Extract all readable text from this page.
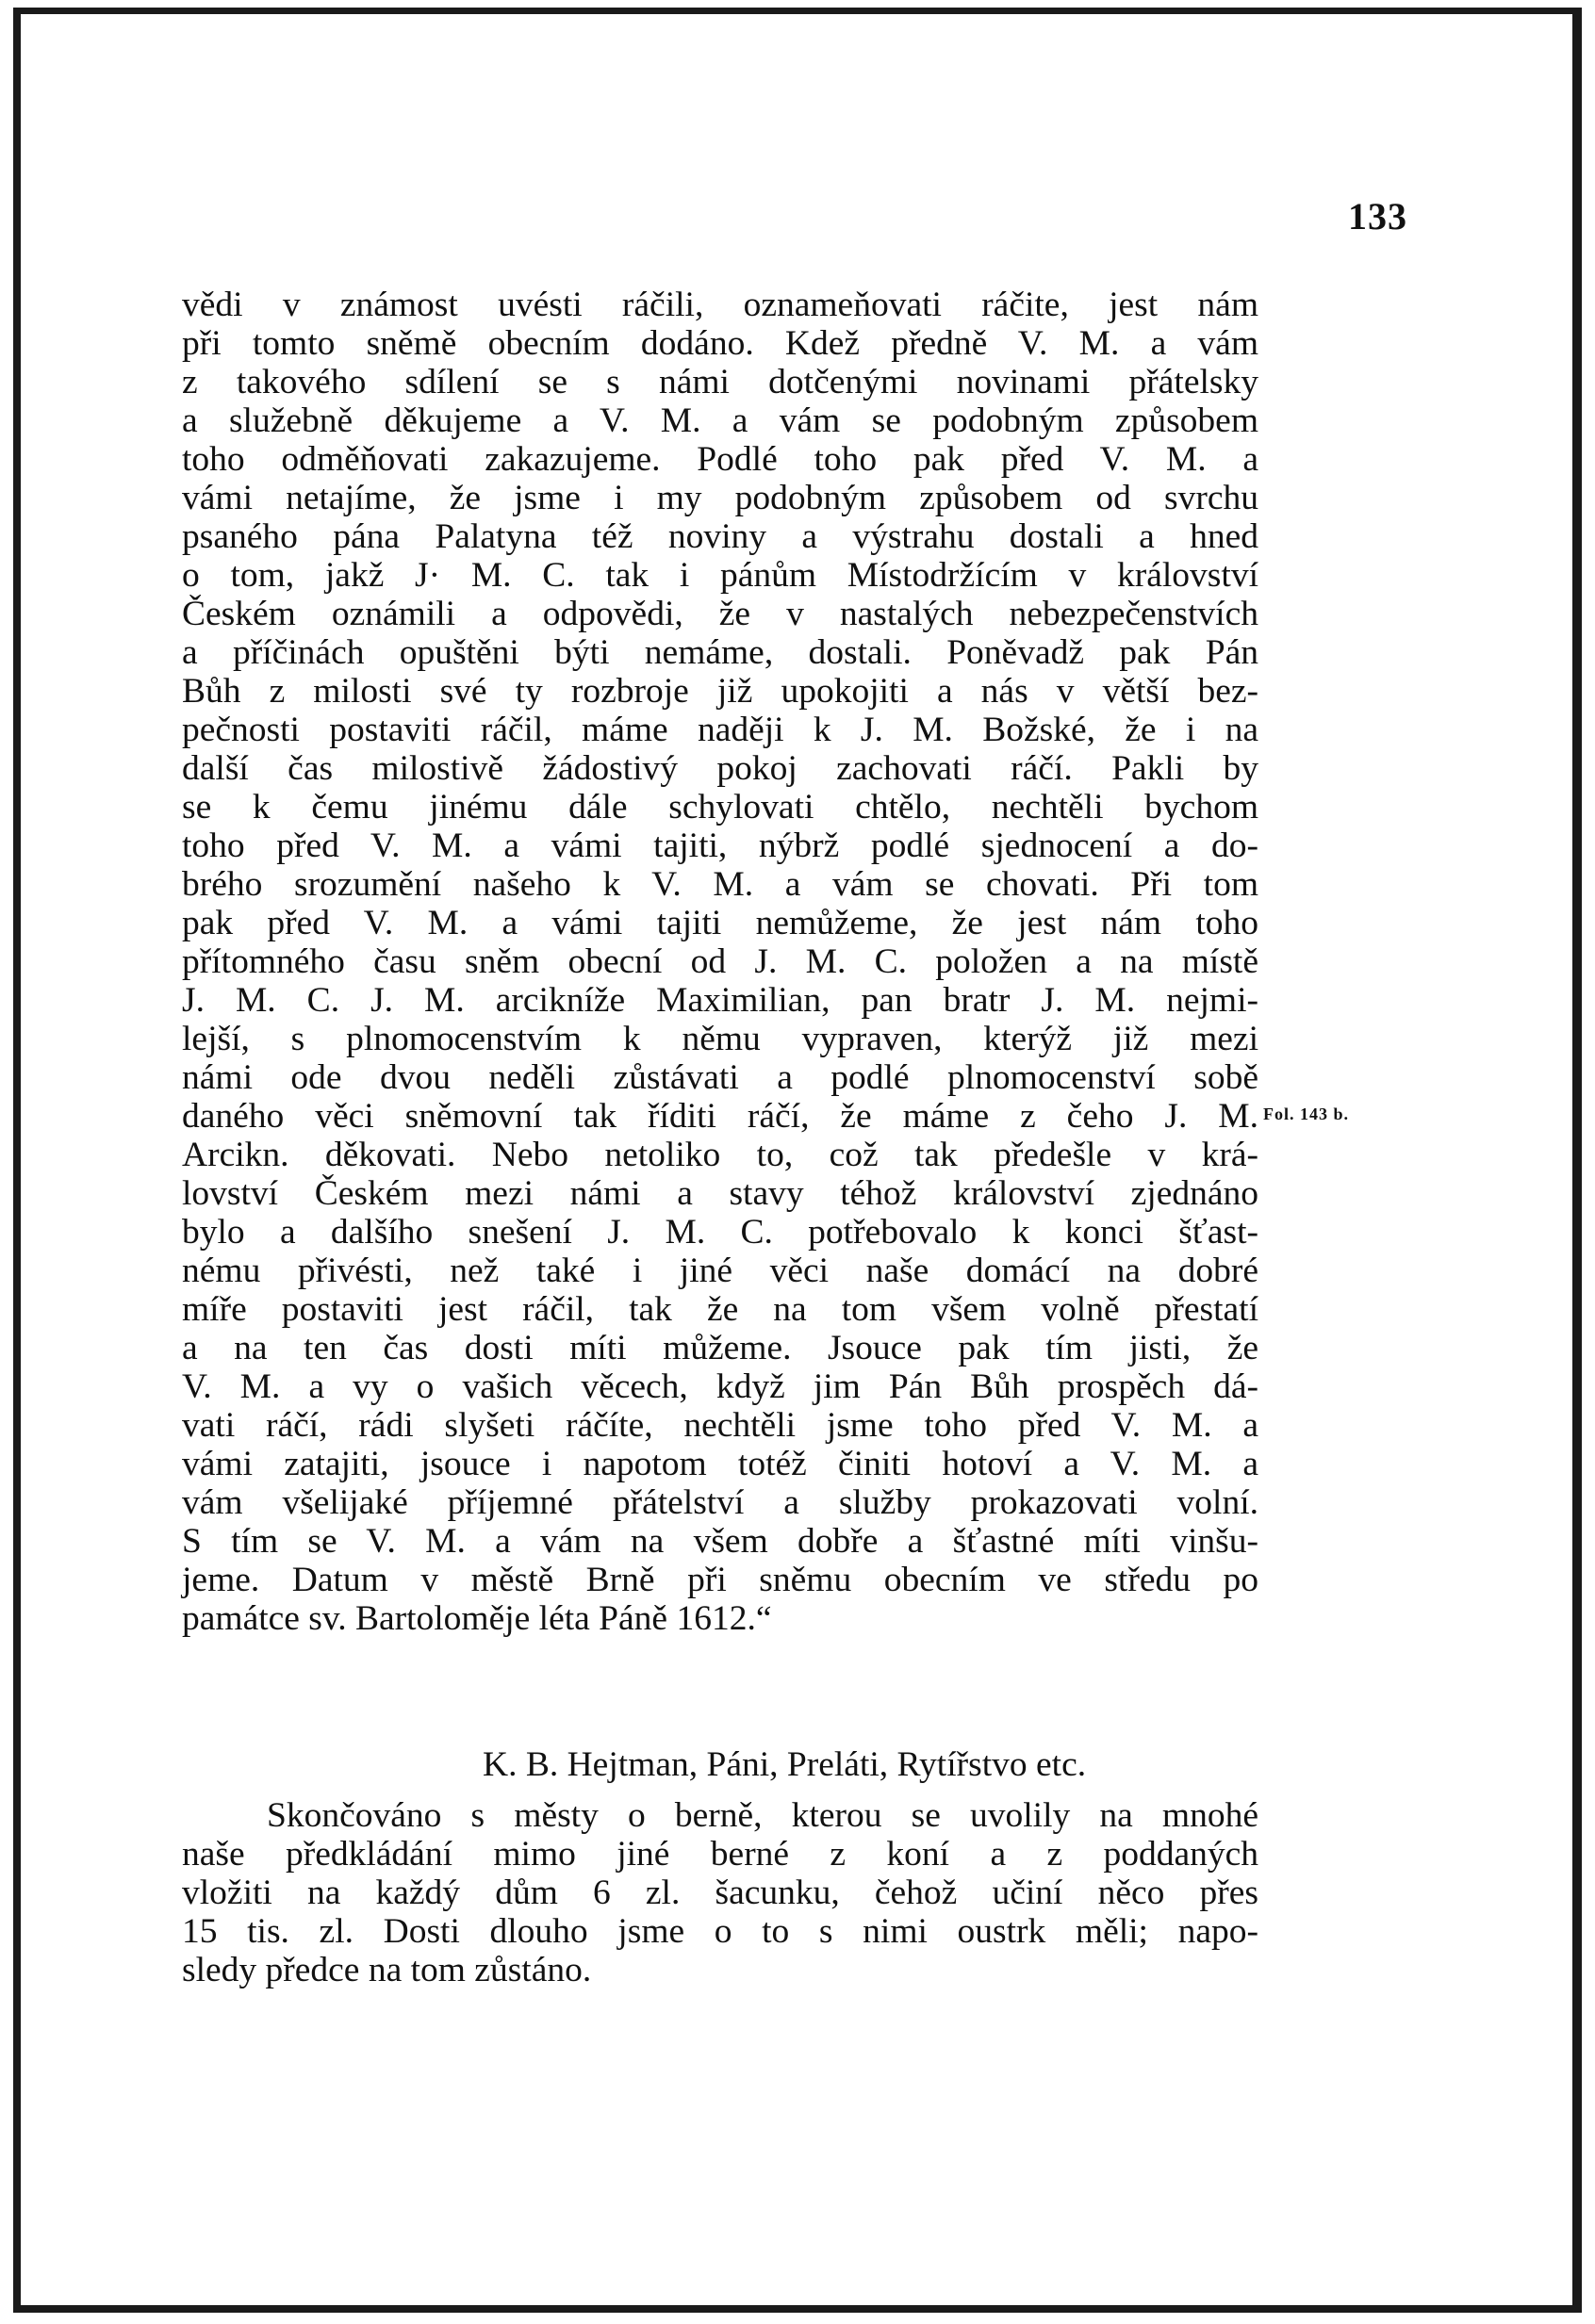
133
Fol. 143 b.
vědi v známost uvésti ráčili, oznameňovati ráčite, jest nám
při tomto sněmě obecním dodáno. Kdež předně V. M. a vám
z takového sdílení se s námi dotčenými novinami přátelsky
a služebně děkujeme a V. M. a vám se podobným způsobem
toho odměňovati zakazujeme. Podlé toho pak před V. M. a
vámi netajíme, že jsme i my podobným způsobem od svrchu
psaného pána Palatyna též noviny a výstrahu dostali a hned
o tom, jakž J· M. C. tak i pánům Místodržícím v království
Českém oznámili a odpovědi, že v nastalých nebezpečenstvích
a příčinách opuštěni býti nemáme, dostali. Poněvadž pak Pán
Bůh z milosti své ty rozbroje již upokojiti a nás v větší bez-
pečnosti postaviti ráčil, máme naději k J. M. Božské, že i na
další čas milostivě žádostivý pokoj zachovati ráčí. Pakli by
se k čemu jinému dále schylovati chtělo, nechtěli bychom
toho před V. M. a vámi tajiti, nýbrž podlé sjednocení a do-
brého srozumění našeho k V. M. a vám se chovati. Při tom
pak před V. M. a vámi tajiti nemůžeme, že jest nám toho
přítomného času sněm obecní od J. M. C. položen a na místě
J. M. C. J. M. arcikníže Maximilian, pan bratr J. M. nejmi-
lejší, s plnomocenstvím k němu vypraven, kterýž již mezi
námi ode dvou neděli zůstávati a podlé plnomocenství sobě
daného věci sněmovní tak říditi ráčí, že máme z čeho J. M.
Arcikn. děkovati. Nebo netoliko to, což tak předešle v krá-
lovství Českém mezi námi a stavy téhož království zjednáno
bylo a dalšího snešení J. M. C. potřebovalo k konci šťast-
nému přivésti, než také i jiné věci naše domácí na dobré
míře postaviti jest ráčil, tak že na tom všem volně přestatí
a na ten čas dosti míti můžeme. Jsouce pak tím jisti, že
V. M. a vy o vašich věcech, když jim Pán Bůh prospěch dá-
vati ráčí, rádi slyšeti ráčíte, nechtěli jsme toho před V. M. a
vámi zatajiti, jsouce i napotom totéž činiti hotoví a V. M. a
vám všelijaké příjemné přátelství a služby prokazovati volní.
S tím se V. M. a vám na všem dobře a šťastné míti vinšu-
jeme. Datum v městě Brně při sněmu obecním ve středu po
památce sv. Bartoloměje léta Páně 1612.“
K. B. Hejtman, Páni, Preláti, Rytířstvo etc.
Skončováno s městy o berně, kterou se uvolily na mnohé
naše předkládání mimo jiné berné z koní a z poddaných
vložiti na každý dům 6 zl. šacunku, čehož učiní něco přes
15 tis. zl. Dosti dlouho jsme o to s nimi oustrk měli; napo-
sledy předce na tom zůstáno.
